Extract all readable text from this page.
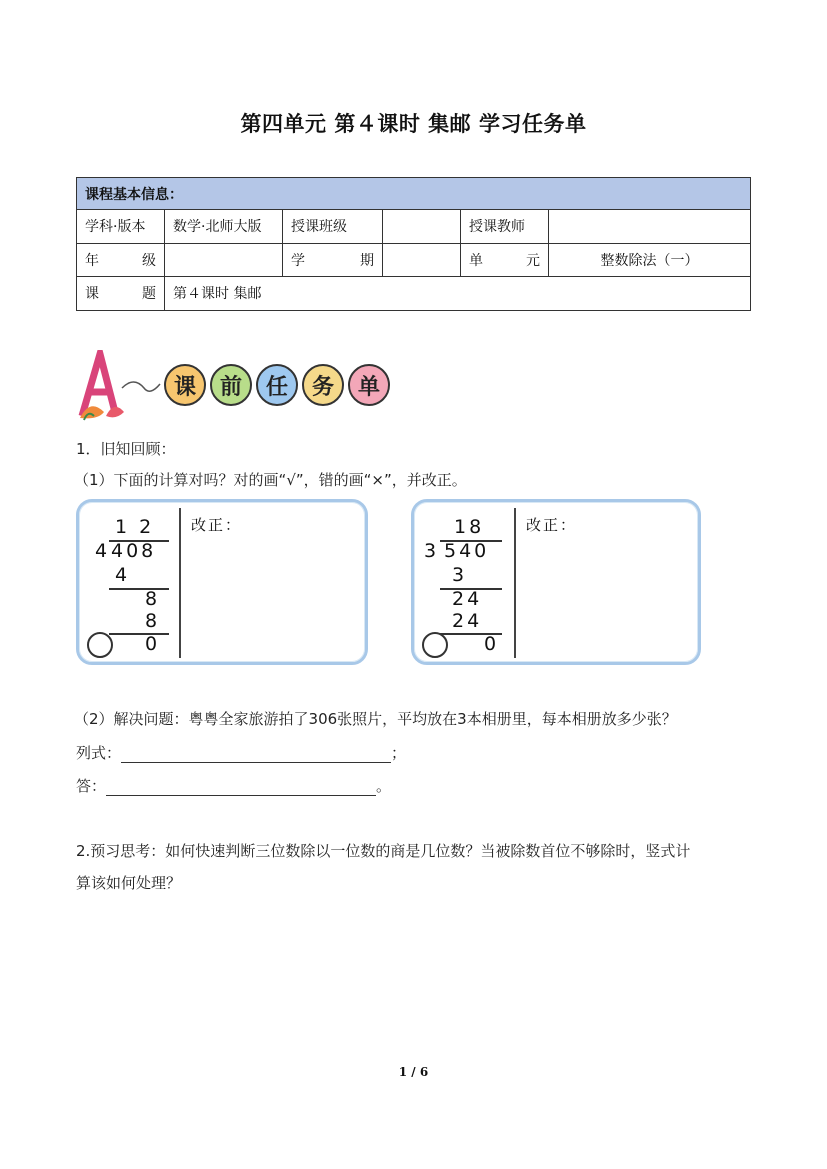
第四单元 第４课时 集邮 学习任务单
课程基本信息：					
学科·版本	数学·北师大版	授课班级		授课教师	

年 级		学 期		单 元	整数除法（一）

课 题	第４课时 集邮				
课 前 任 务 单
1．旧知回顾：
（1）下面的计算对吗？对的画“√”，错的画“×”，并改正。
1 2
4 408
4
8
8
0
改正：	18
3 540
3
24
24
0
改正：
（2）解决问题：粤粤全家旅游拍了306张照片，平均放在3本相册里，每本相册放多少张？
列式：	；
答：	。
2.预习思考：如何快速判断三位数除以一位数的商是几位数？当被除数首位不够除时，竖式计
算该如何处理？
1 / 6
